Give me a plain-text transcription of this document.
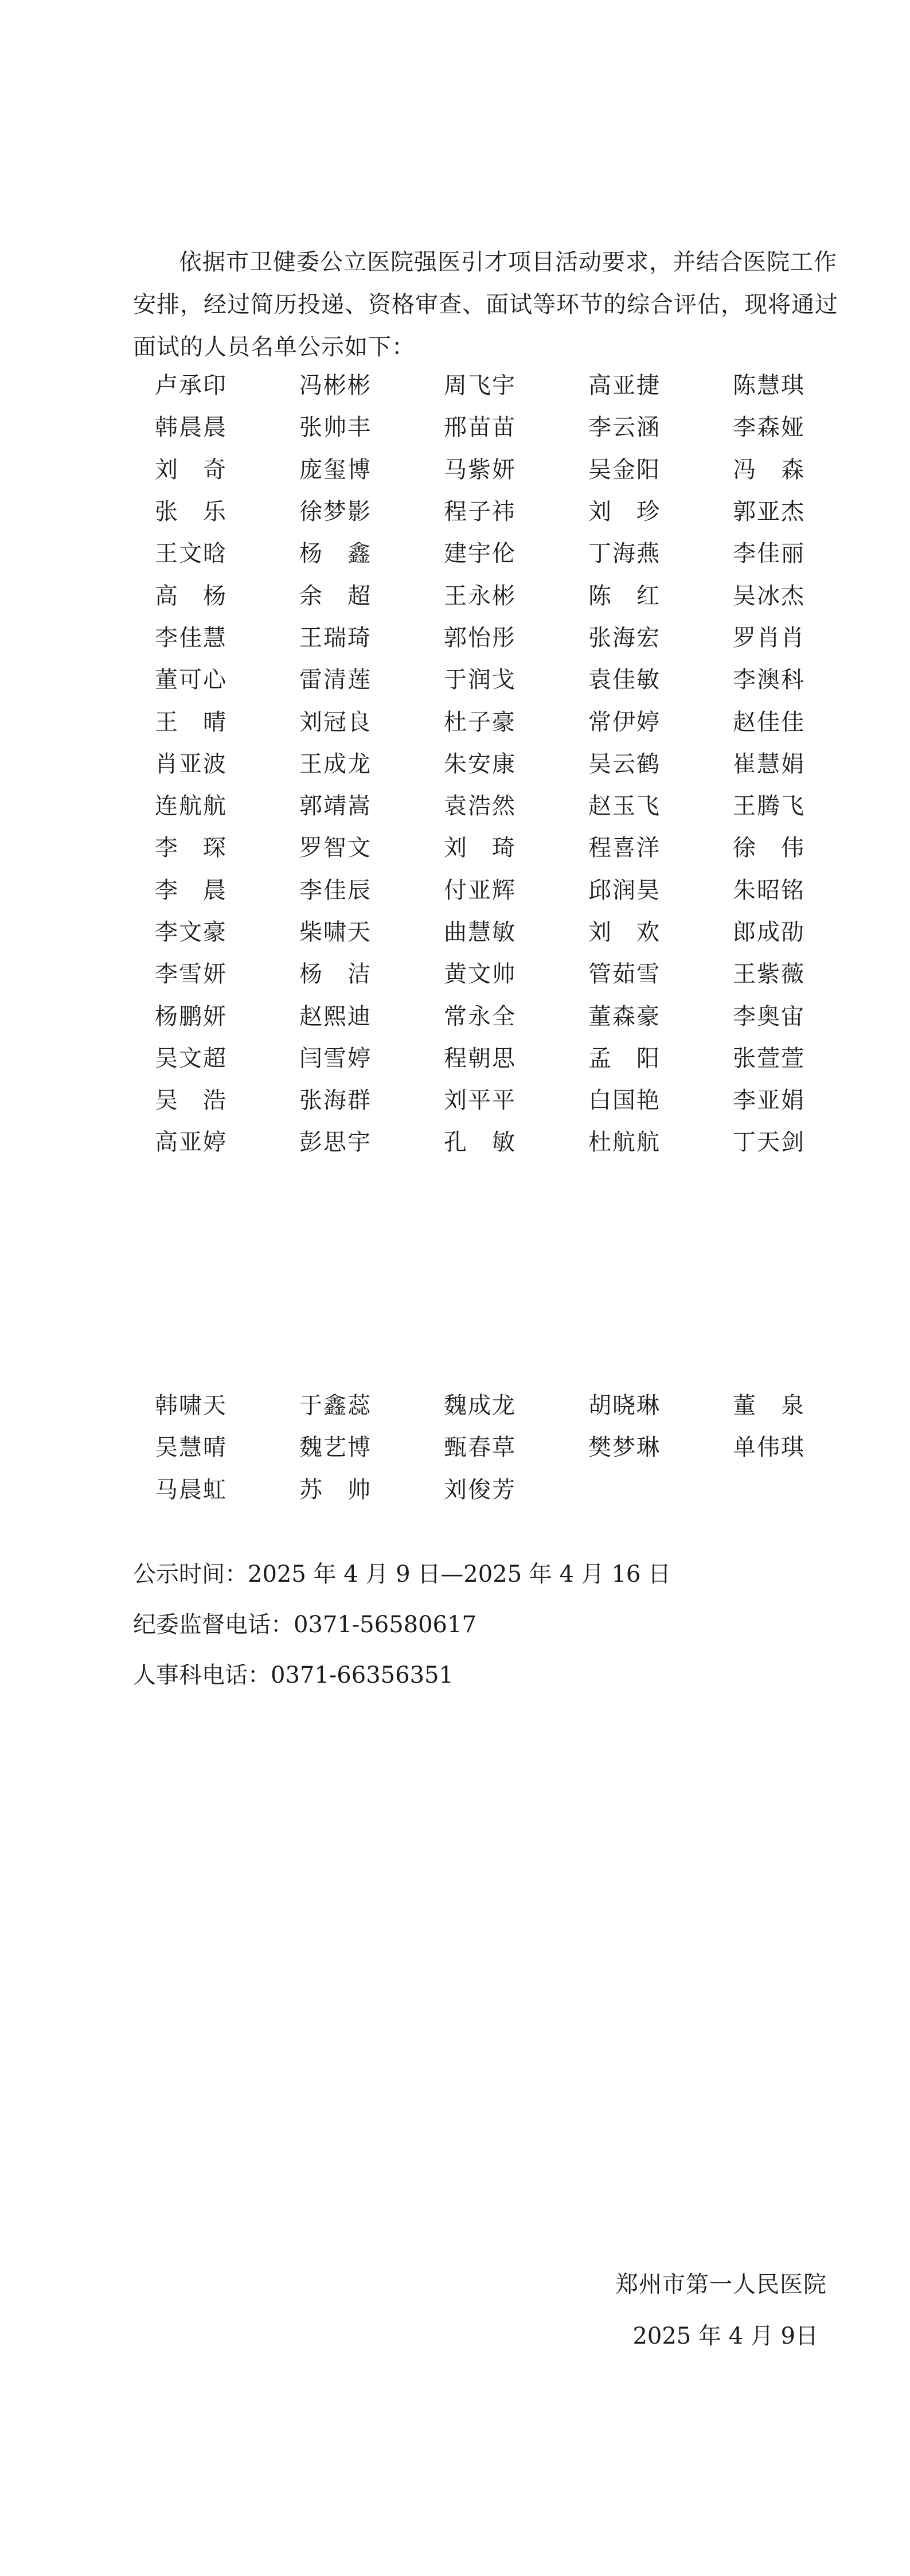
依据市卫健委公立医院强医引才项目活动要求，并结合医院工作安排，经过简历投递、资格审查、面试等环节的综合评估，现将通过面试的人员名单公示如下：

卢承印	冯彬彬	周飞宇	高亚捷	陈慧琪
韩晨晨	张帅丰	邢苗苗	李云涵	李森娅
刘　奇	庞玺博	马紫妍	吴金阳	冯　森
张　乐	徐梦影	程子祎	刘　珍	郭亚杰
王文晗	杨　鑫	建宇伦	丁海燕	李佳丽
高　杨	余　超	王永彬	陈　红	吴冰杰
李佳慧	王瑞琦	郭怡彤	张海宏	罗肖肖
董可心	雷清莲	于润戈	袁佳敏	李澳科
王　晴	刘冠良	杜子豪	常伊婷	赵佳佳
肖亚波	王成龙	朱安康	吴云鹤	崔慧娟
连航航	郭靖嵩	袁浩然	赵玉飞	王腾飞
李　琛	罗智文	刘　琦	程喜洋	徐　伟
李　晨	李佳辰	付亚辉	邱润昊	朱昭铭
李文豪	柴啸天	曲慧敏	刘　欢	郎成劭
李雪妍	杨　洁	黄文帅	管茹雪	王紫薇
杨鹏妍	赵熙迪	常永全	董森豪	李奥宙
吴文超	闫雪婷	程朝思	孟　阳	张萱萱
吴　浩	张海群	刘平平	白国艳	李亚娟
高亚婷	彭思宇	孔　敏	杜航航	丁天剑
韩啸天	于鑫蕊	魏成龙	胡晓琳	董　泉
吴慧晴	魏艺博	甄春草	樊梦琳	单伟琪
马晨虹	苏　帅	刘俊芳

公示时间：2025 年 4 月 9 日—2025 年 4 月 16 日

纪委监督电话：0371-56580617

人事科电话：0371-66356351

郑州市第一人民医院

2025 年 4 月 9日
